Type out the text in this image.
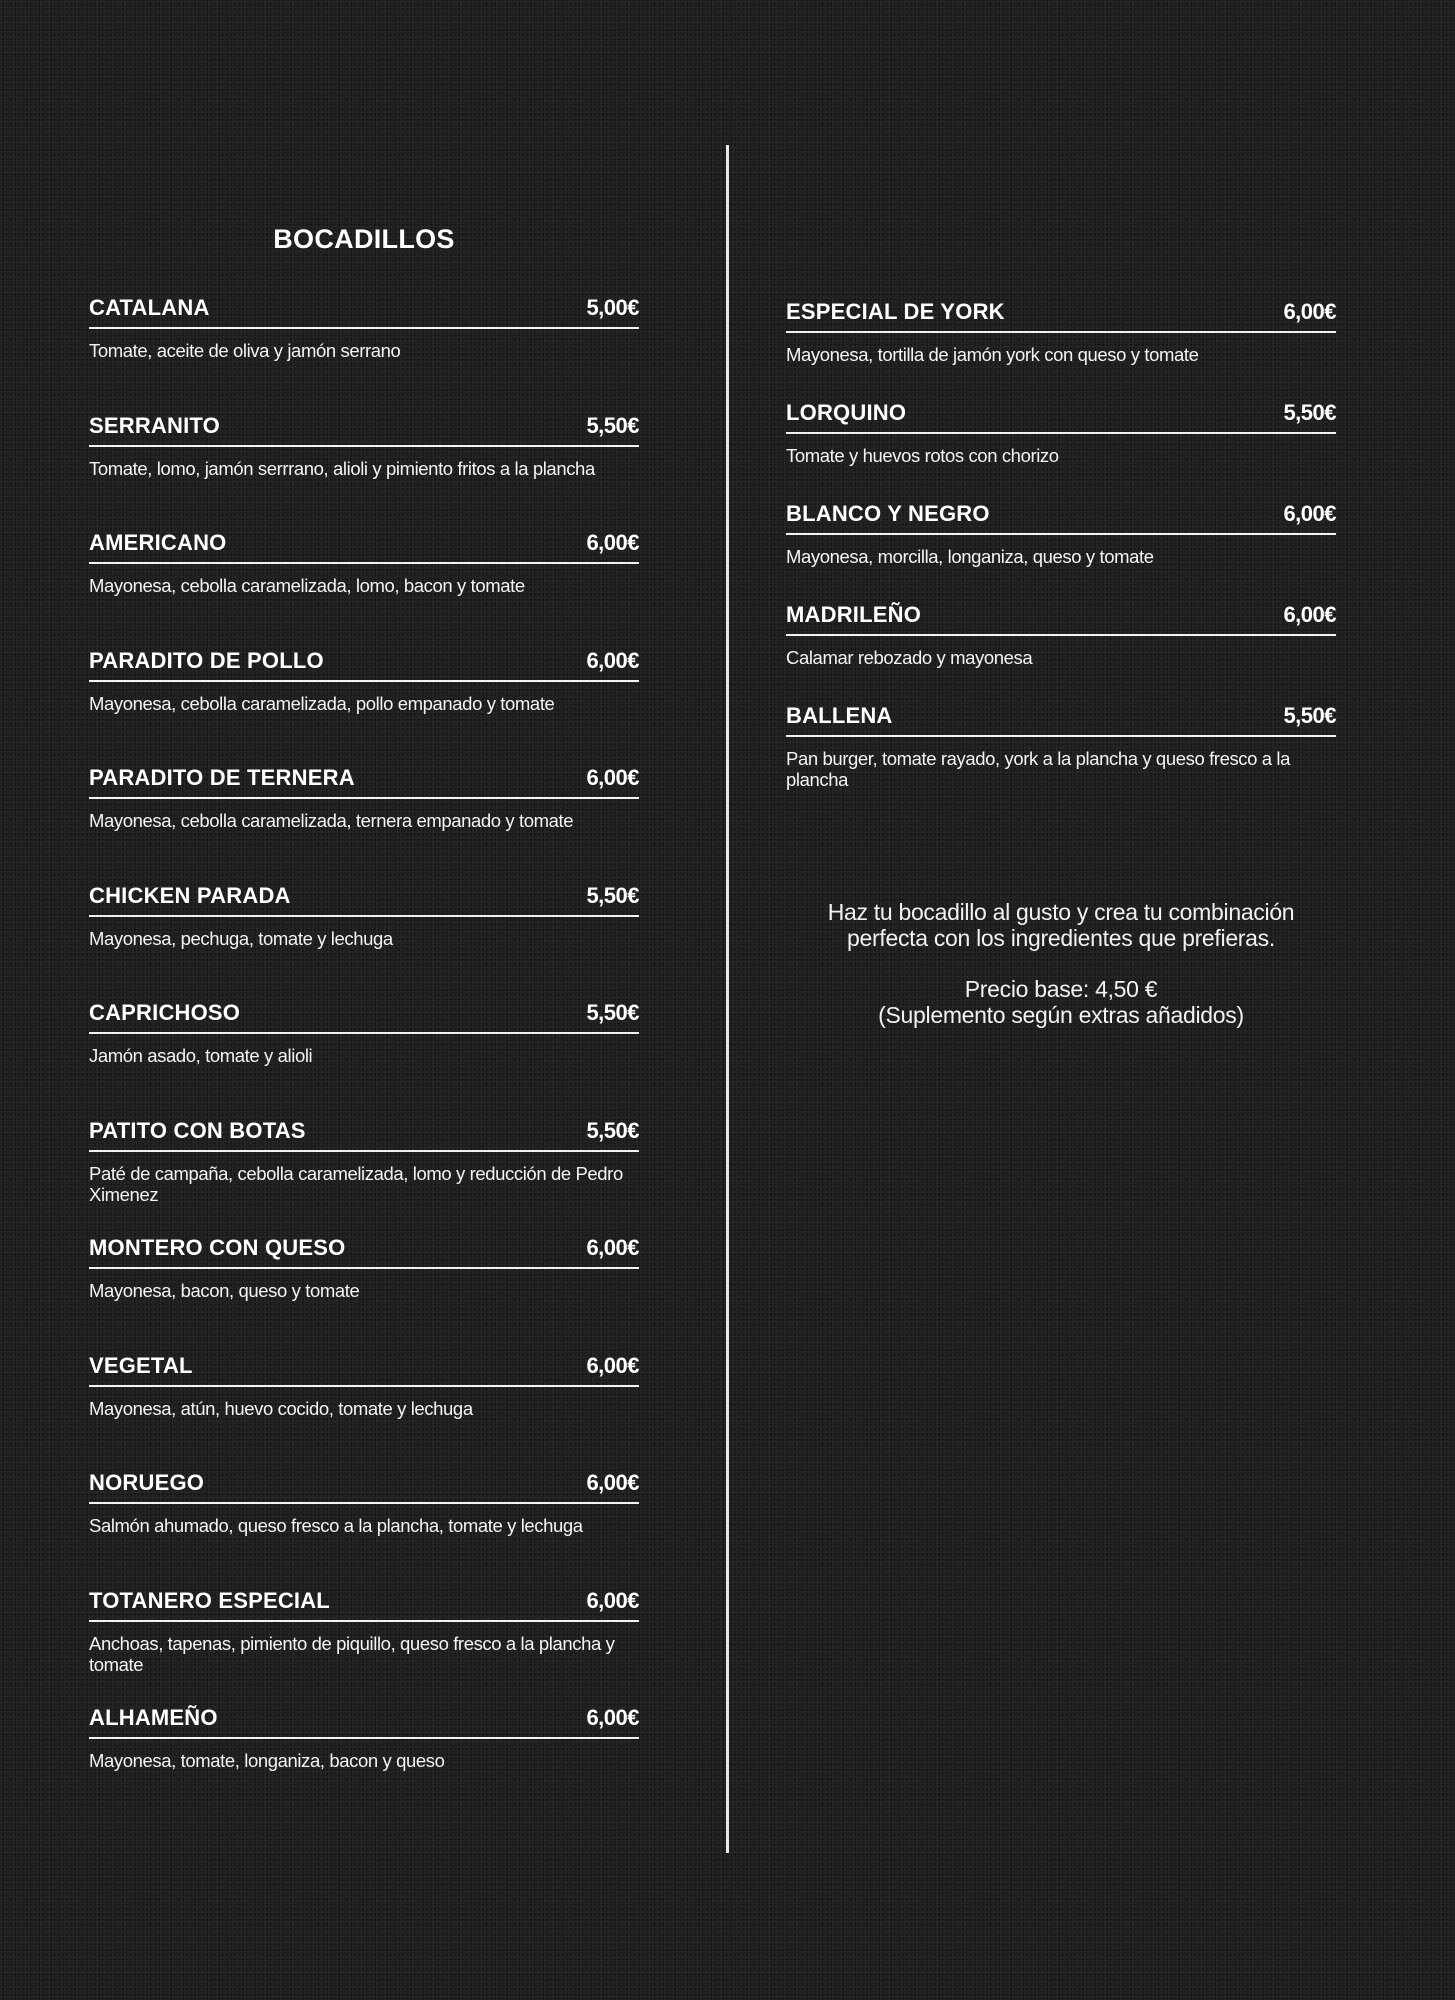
BOCADILLOS
CATALANA	5,00€
Tomate, aceite de oliva y jamón serrano
SERRANITO	5,50€
Tomate, lomo, jamón serrrano, alioli y pimiento fritos a la plancha
AMERICANO	6,00€
Mayonesa, cebolla caramelizada, lomo, bacon y tomate
PARADITO DE POLLO	6,00€
Mayonesa, cebolla caramelizada, pollo empanado y tomate
PARADITO DE TERNERA	6,00€
Mayonesa, cebolla caramelizada, ternera empanado y tomate
CHICKEN PARADA	5,50€
Mayonesa, pechuga, tomate y lechuga
CAPRICHOSO	5,50€
Jamón asado, tomate y alioli
PATITO CON BOTAS	5,50€
Paté de campaña, cebolla caramelizada, lomo y reducción de Pedro Ximenez
MONTERO CON QUESO	6,00€
Mayonesa, bacon, queso y tomate
VEGETAL	6,00€
Mayonesa, atún, huevo cocido, tomate y lechuga
NORUEGO	6,00€
Salmón ahumado, queso fresco a la plancha, tomate y lechuga
TOTANERO ESPECIAL	6,00€
Anchoas, tapenas, pimiento de piquillo, queso fresco a la plancha y tomate
ALHAMEÑO	6,00€
Mayonesa, tomate, longaniza, bacon y queso
ESPECIAL DE YORK	6,00€
Mayonesa, tortilla de jamón york con queso y tomate
LORQUINO	5,50€
Tomate y huevos rotos con chorizo
BLANCO Y NEGRO	6,00€
Mayonesa, morcilla, longaniza, queso y tomate
MADRILEÑO	6,00€
Calamar rebozado y mayonesa
BALLENA	5,50€
Pan burger, tomate rayado, york a la plancha y queso fresco a la plancha

Haz tu bocadillo al gusto y crea tu combinación

perfecta con los ingredientes que prefieras.

Precio base: 4,50 €

(Suplemento según extras añadidos)
